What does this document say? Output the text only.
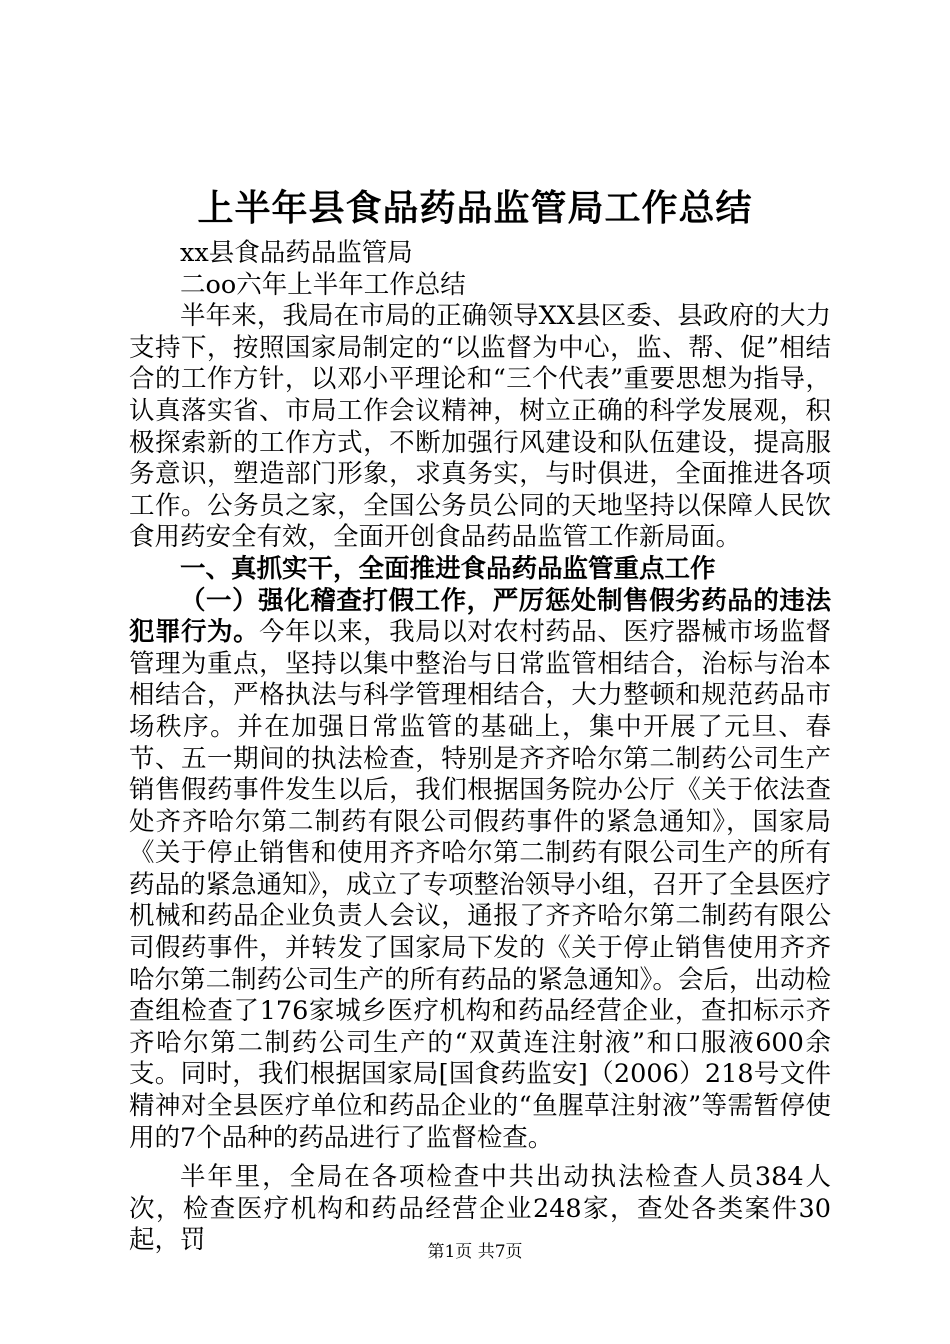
上半年县食品药品监管局工作总结

xx县食品药品监管局

二oo六年上半年工作总结

半年来，我局在市局的正确领导XX县区委、县政府的大力支持下，按照国家局制定的“以监督为中心，监、帮、促”相结合的工作方针，以邓小平理论和“三个代表”重要思想为指导，认真落实省、市局工作会议精神，树立正确的科学发展观，积极探索新的工作方式，不断加强行风建设和队伍建设，提高服务意识，塑造部门形象，求真务实，与时俱进，全面推进各项工作。公务员之家，全国公务员公同的天地坚持以保障人民饮食用药安全有效，全面开创食品药品监管工作新局面。

一、真抓实干，全面推进食品药品监管重点工作

（一）强化稽查打假工作，严厉惩处制售假劣药品的违法犯罪行为。今年以来，我局以对农村药品、医疗器械市场监督管理为重点，坚持以集中整治与日常监管相结合，治标与治本相结合，严格执法与科学管理相结合，大力整顿和规范药品市场秩序。并在加强日常监管的基础上，集中开展了元旦、春节、五一期间的执法检查，特别是齐齐哈尔第二制药公司生产销售假药事件发生以后，我们根据国务院办公厅《关于依法查处齐齐哈尔第二制药有限公司假药事件的紧急通知》，国家局《关于停止销售和使用齐齐哈尔第二制药有限公司生产的所有药品的紧急通知》，成立了专项整治领导小组，召开了全县医疗机械和药品企业负责人会议，通报了齐齐哈尔第二制药有限公司假药事件，并转发了国家局下发的《关于停止销售使用齐齐哈尔第二制药公司生产的所有药品的紧急通知》。会后，出动检查组检查了176家城乡医疗机构和药品经营企业，查扣标示齐齐哈尔第二制药公司生产的“双黄连注射液”和口服液600余支。同时，我们根据国家局[国食药监安]（2006）218号文件精神对全县医疗单位和药品企业的“鱼腥草注射液”等需暂停使用的7个品种的药品进行了监督检查。

半年里，全局在各项检查中共出动执法检查人员384人次，检查医疗机构和药品经营企业248家，查处各类案件30起，罚	第1页 共7页
